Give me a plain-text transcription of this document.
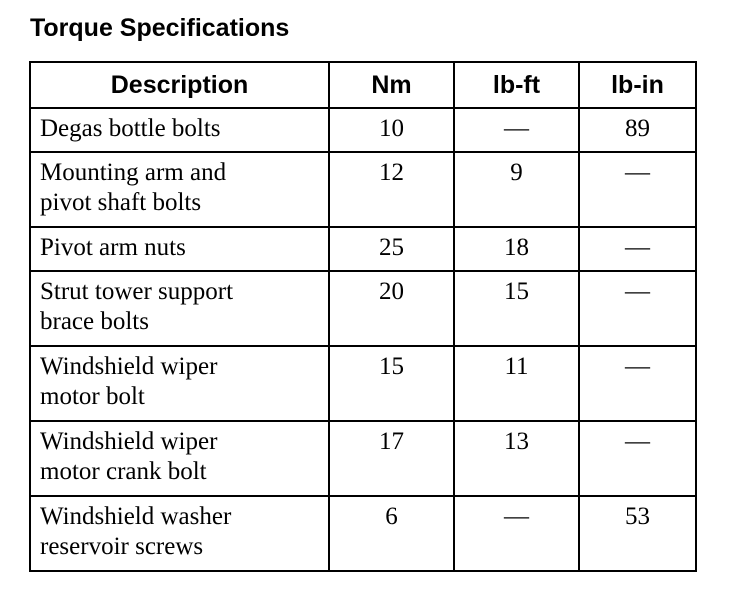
Torque Specifications
Description	Nm	lb-ft	lb-in
Degas bottle bolts	10	—	89
Mounting arm and
pivot shaft bolts	12	9	—
Pivot arm nuts	25	18	—
Strut tower support
brace bolts	20	15	—
Windshield wiper
motor bolt	15	11	—
Windshield wiper
motor crank bolt	17	13	—
Windshield washer
reservoir screws	6	—	53
